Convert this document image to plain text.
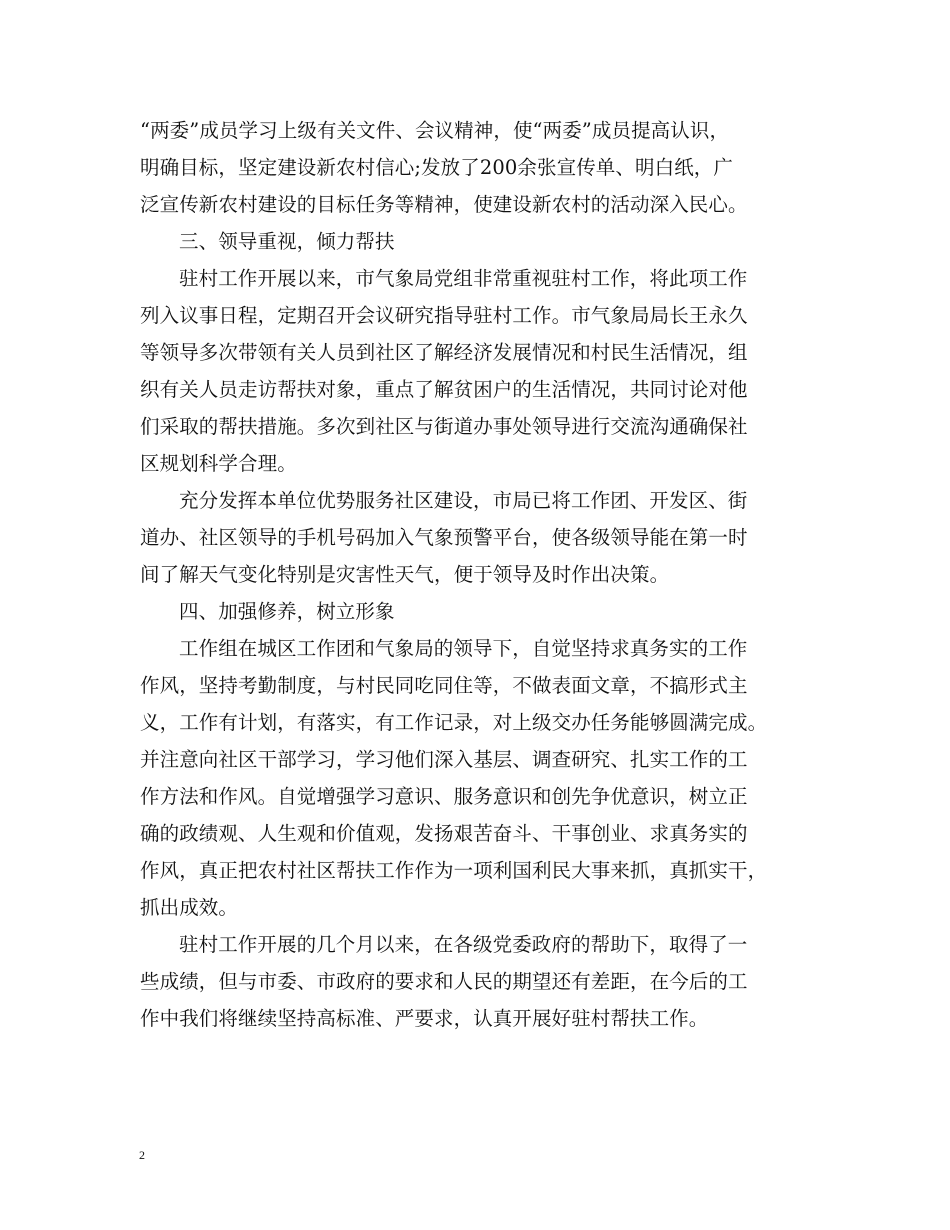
“两委”成员学习上级有关文件、会议精神，使“两委”成员提高认识，
明确目标，坚定建设新农村信心;发放了200余张宣传单、明白纸，广
泛宣传新农村建设的目标任务等精神，使建设新农村的活动深入民心。
三、领导重视，倾力帮扶
驻村工作开展以来，市气象局党组非常重视驻村工作，将此项工作
列入议事日程，定期召开会议研究指导驻村工作。市气象局局长王永久
等领导多次带领有关人员到社区了解经济发展情况和村民生活情况，组
织有关人员走访帮扶对象，重点了解贫困户的生活情况，共同讨论对他
们采取的帮扶措施。多次到社区与街道办事处领导进行交流沟通确保社
区规划科学合理。
充分发挥本单位优势服务社区建设，市局已将工作团、开发区、街
道办、社区领导的手机号码加入气象预警平台，使各级领导能在第一时
间了解天气变化特别是灾害性天气，便于领导及时作出决策。
四、加强修养，树立形象
工作组在城区工作团和气象局的领导下，自觉坚持求真务实的工作
作风，坚持考勤制度，与村民同吃同住等，不做表面文章，不搞形式主
义，工作有计划，有落实，有工作记录，对上级交办任务能够圆满完成。
并注意向社区干部学习，学习他们深入基层、调查研究、扎实工作的工
作方法和作风。自觉增强学习意识、服务意识和创先争优意识，树立正
确的政绩观、人生观和价值观，发扬艰苦奋斗、干事创业、求真务实的
作风，真正把农村社区帮扶工作作为一项利国利民大事来抓，真抓实干，
抓出成效。
驻村工作开展的几个月以来，在各级党委政府的帮助下，取得了一
些成绩，但与市委、市政府的要求和人民的期望还有差距，在今后的工
作中我们将继续坚持高标准、严要求，认真开展好驻村帮扶工作。
2
